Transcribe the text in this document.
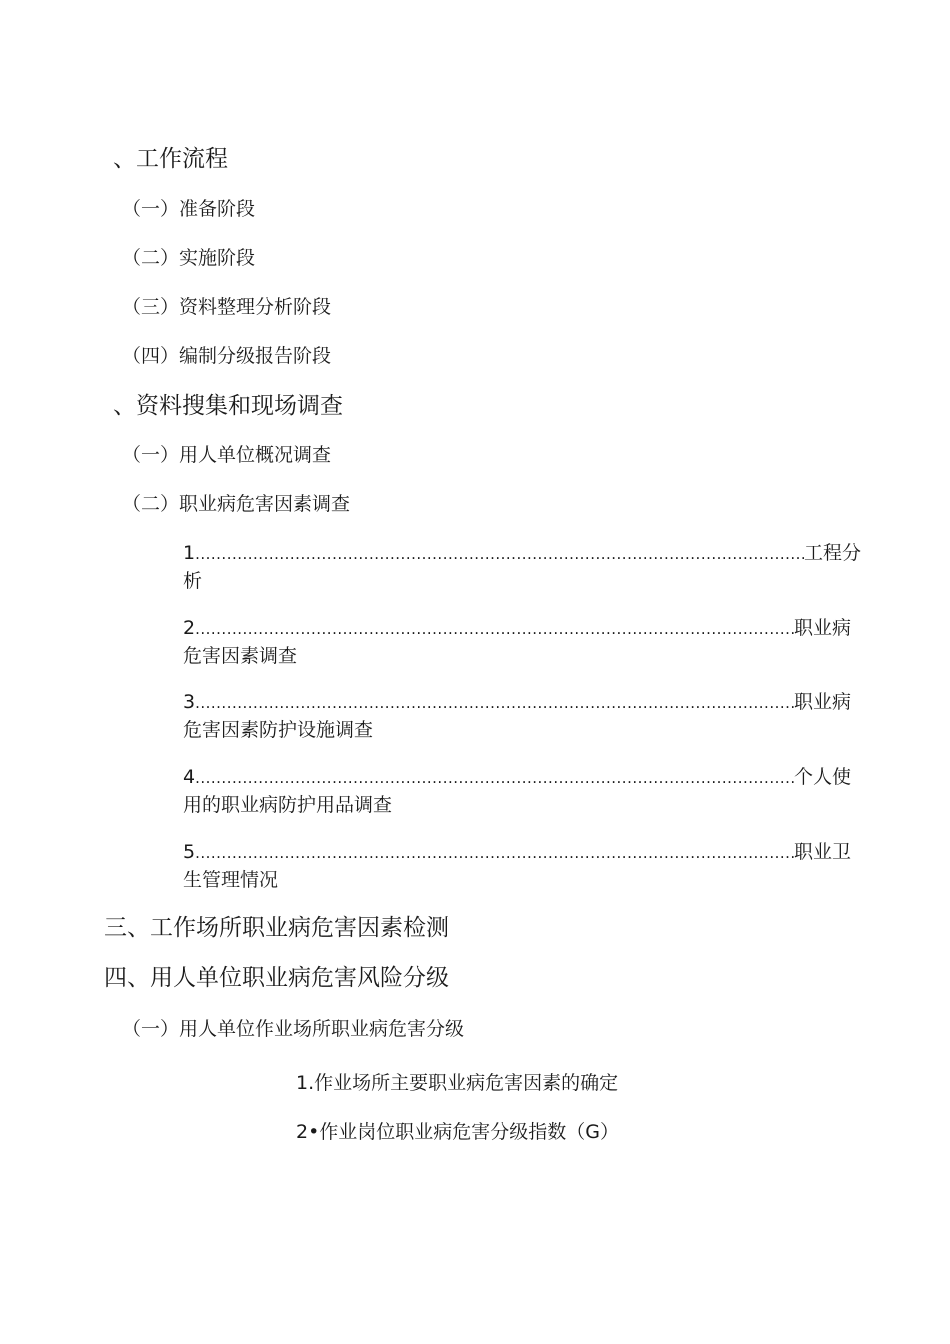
、工作流程
（一）准备阶段
（二）实施阶段
（三）资料整理分析阶段
（四）编制分级报告阶段
、资料搜集和现场调查
（一）用人单位概况调查
（二）职业病危害因素调查
1 .....	工程分
析
2 .....	职业病
危害因素调查
3 .....	职业病
危害因素防护设施调查
4 .....	个人使
用的职业病防护用品调查
5 .....	职业卫
生管理情况
三、工作场所职业病危害因素检测
四、用人单位职业病危害风险分级
（一）用人单位作业场所职业病危害分级
1.作业场所主要职业病危害因素的确定
2•作业岗位职业病危害分级指数（G）
